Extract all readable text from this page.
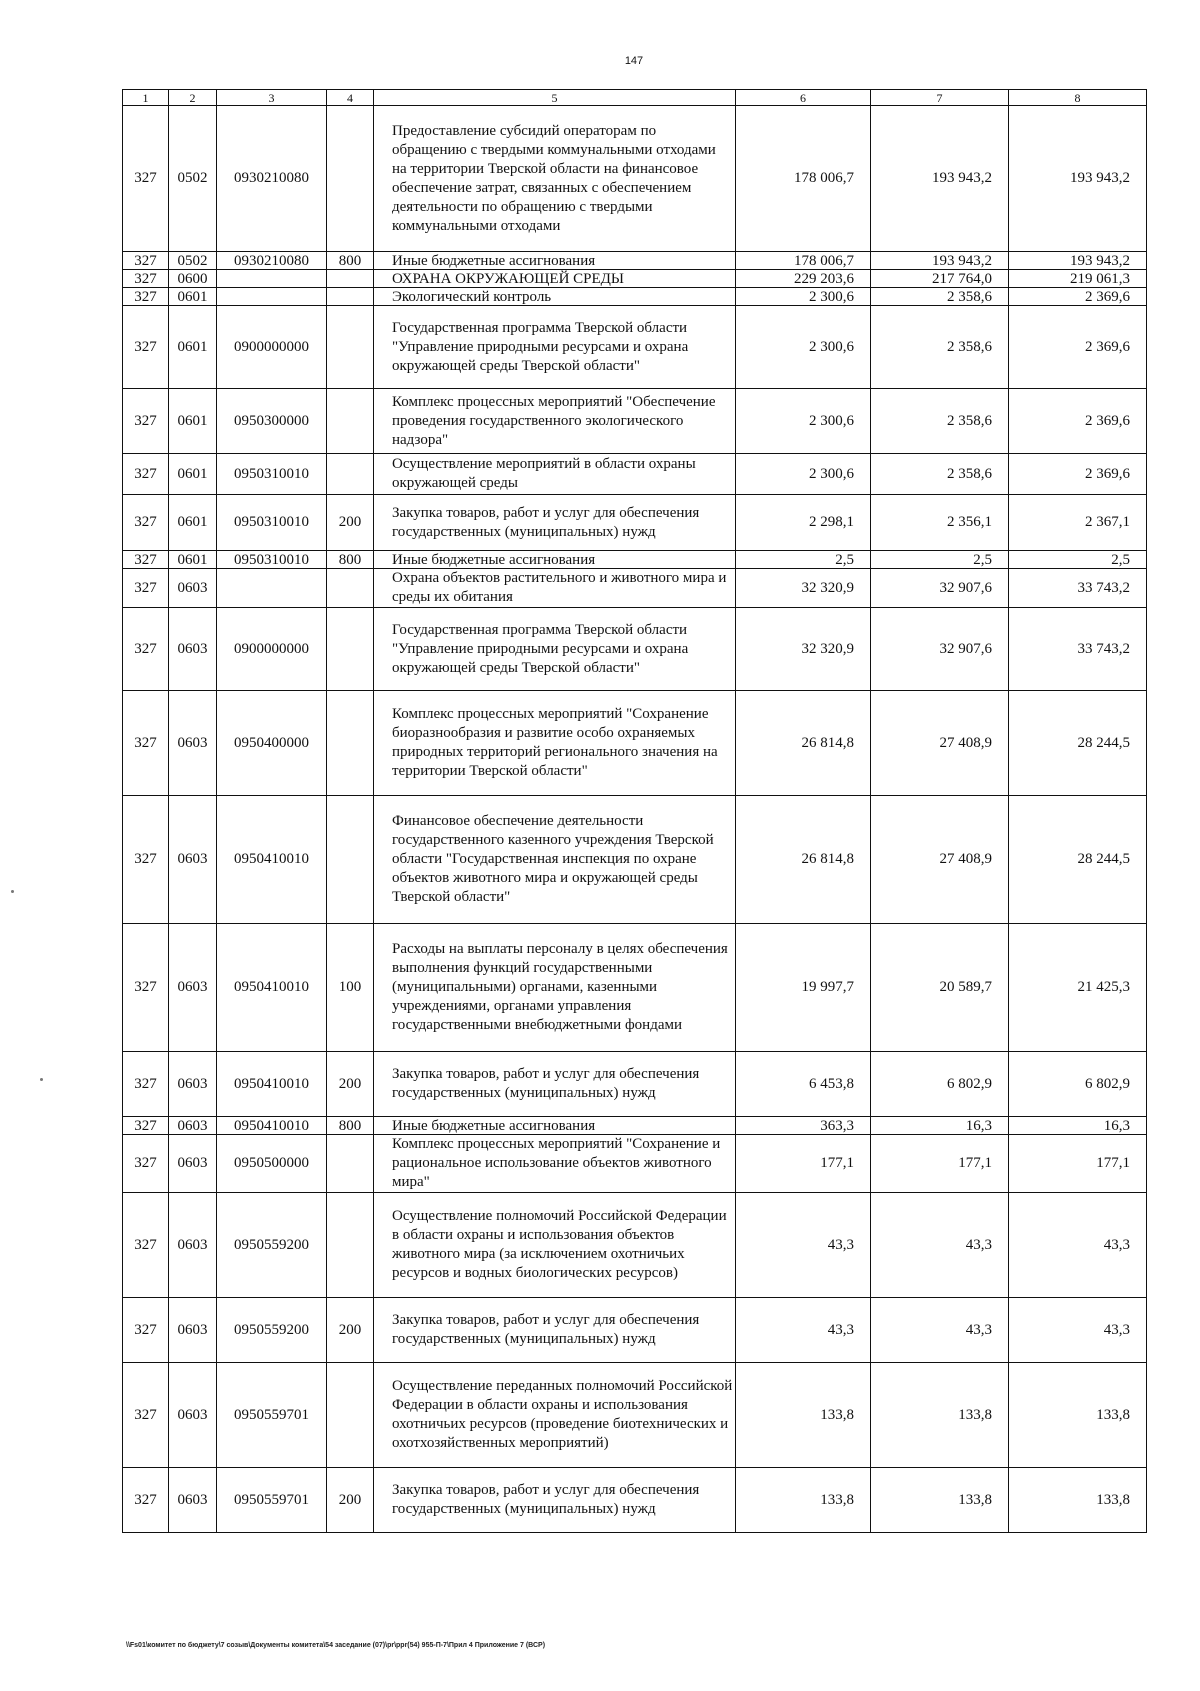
147
1	2	3	4	5	6	7	8
327	0502	0930210080		Предоставление субсидий операторам по обращению с твердыми коммунальными отходами на территории Тверской области на финансовое обеспечение затрат, связанных с обеспечением деятельности по обращению с твердыми коммунальными отходами	178 006,7	193 943,2	193 943,2
327	0502	0930210080	800	Иные бюджетные ассигнования	178 006,7	193 943,2	193 943,2
327	0600			ОХРАНА ОКРУЖАЮЩЕЙ СРЕДЫ	229 203,6	217 764,0	219 061,3
327	0601			Экологический контроль	2 300,6	2 358,6	2 369,6
327	0601	0900000000		Государственная программа Тверской области "Управление природными ресурсами и охрана окружающей среды Тверской области"	2 300,6	2 358,6	2 369,6
327	0601	0950300000		Комплекс процессных мероприятий "Обеспечение проведения государственного экологического надзора"	2 300,6	2 358,6	2 369,6
327	0601	0950310010		Осуществление мероприятий в области охраны окружающей среды	2 300,6	2 358,6	2 369,6
327	0601	0950310010	200	Закупка товаров, работ и услуг для обеспечения государственных (муниципальных) нужд	2 298,1	2 356,1	2 367,1
327	0601	0950310010	800	Иные бюджетные ассигнования	2,5	2,5	2,5
327	0603			Охрана объектов растительного и животного мира и среды их обитания	32 320,9	32 907,6	33 743,2
327	0603	0900000000		Государственная программа Тверской области "Управление природными ресурсами и охрана окружающей среды Тверской области"	32 320,9	32 907,6	33 743,2
327	0603	0950400000		Комплекс процессных мероприятий "Сохранение биоразнообразия и развитие особо охраняемых природных территорий регионального значения на территории Тверской области"	26 814,8	27 408,9	28 244,5
327	0603	0950410010		Финансовое обеспечение деятельности государственного казенного учреждения Тверской области "Государственная инспекция по охране объектов животного мира и окружающей среды Тверской области"	26 814,8	27 408,9	28 244,5
327	0603	0950410010	100	Расходы на выплаты персоналу в целях обеспечения выполнения функций государственными (муниципальными) органами, казенными учреждениями, органами управления государственными внебюджетными фондами	19 997,7	20 589,7	21 425,3
327	0603	0950410010	200	Закупка товаров, работ и услуг для обеспечения государственных (муниципальных) нужд	6 453,8	6 802,9	6 802,9
327	0603	0950410010	800	Иные бюджетные ассигнования	363,3	16,3	16,3
327	0603	0950500000		Комплекс процессных мероприятий "Сохранение и рациональное использование объектов животного мира"	177,1	177,1	177,1
327	0603	0950559200		Осуществление полномочий Российской Федерации в области охраны и использования объектов животного мира (за исключением охотничьих ресурсов и водных биологических ресурсов)	43,3	43,3	43,3
327	0603	0950559200	200	Закупка товаров, работ и услуг для обеспечения государственных (муниципальных) нужд	43,3	43,3	43,3
327	0603	0950559701		Осуществление переданных полномочий Российской Федерации в области охраны и использования охотничьих ресурсов (проведение биотехнических и охотхозяйственных мероприятий)	133,8	133,8	133,8
327	0603	0950559701	200	Закупка товаров, работ и услуг для обеспечения государственных (муниципальных) нужд	133,8	133,8	133,8
\\Fs01\комитет по бюджету\7 созыв\Документы комитета\54 заседание (07)\pr\ppr(54) 955-П-7\Прил 4 Приложение 7 (ВСР)
